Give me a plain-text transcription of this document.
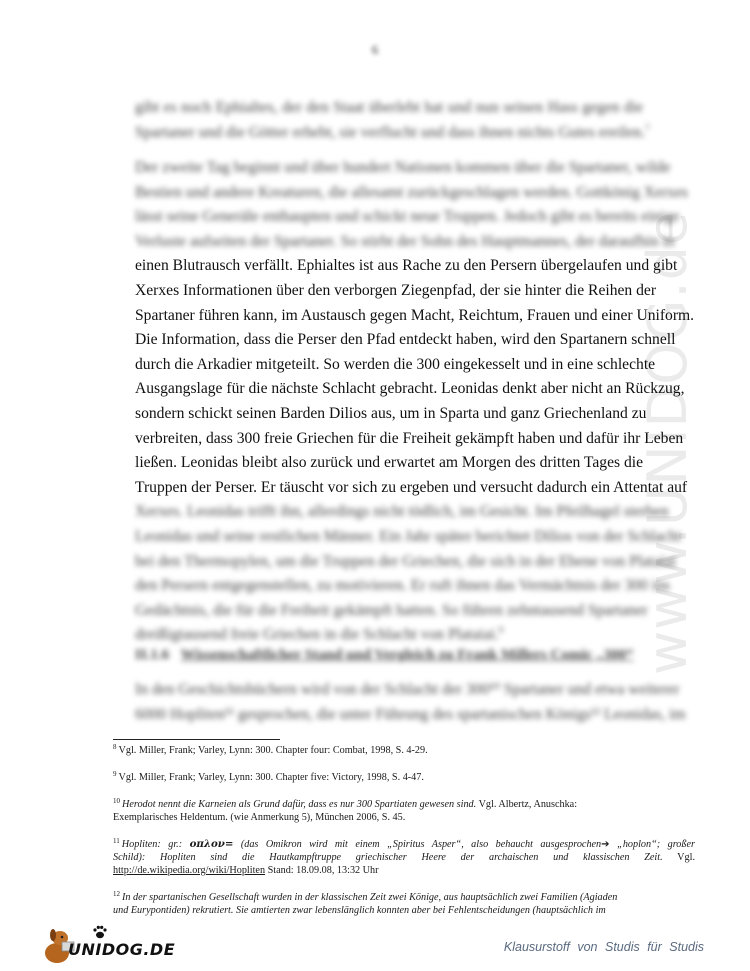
6
www.UNIDOG.de
gibt es noch Ephialtes, der den Staat überlebt hat und nun seinen Hass gegen die
Spartaner und die Götter erhebt, sie verflucht und dass ihnen nichts Gutes ereilen.$^7$
Der zweite Tag beginnt und über hundert Nationen kommen über die Spartaner, wilde
Bestien und andere Kreaturen, die allesamt zurückgeschlagen werden. Gottkönig Xerxes
lässt seine Generäle enthaupten und schickt neue Truppen. Jedoch gibt es bereits einige
Verluste aufseiten der Spartaner. So stirbt der Sohn des Hauptmannes, der daraufhin in
einen Blutrausch verfällt. Ephialtes ist aus Rache zu den Persern übergelaufen und gibt
Xerxes Informationen über den verborgen Ziegenpfad, der sie hinter die Reihen der
Spartaner führen kann, im Austausch gegen Macht, Reichtum, Frauen und einer Uniform.
Die Information, dass die Perser den Pfad entdeckt haben, wird den Spartanern schnell
durch die Arkadier mitgeteilt. So werden die 300 eingekesselt und in eine schlechte
Ausgangslage für die nächste Schlacht gebracht. Leonidas denkt aber nicht an Rückzug,
sondern schickt seinen Barden Dilios aus, um in Sparta und ganz Griechenland zu
verbreiten, dass 300 freie Griechen für die Freiheit gekämpft haben und dafür ihr Leben
ließen. Leonidas bleibt also zurück und erwartet am Morgen des dritten Tages die
Truppen der Perser. Er täuscht vor sich zu ergeben und versucht dadurch ein Attentat auf
Xerxes. Leonidas trifft ihn, allerdings nicht tödlich, im Gesicht. Im Pfeilhagel sterben
Leonidas und seine restlichen Männer. Ein Jahr später berichtet Dilios von der Schlacht
bei den Thermopylen, um die Truppen der Griechen, die sich in der Ebene von Plataiai
den Persern entgegenstellen, zu motivieren. Er ruft ihnen das Vermächtnis der 300 ins
Gedächtnis, die für die Freiheit gekämpft hatten. So führen zehntausend Spartaner
dreißigtausend freie Griechen in die Schlacht von Plataiai.$^9$
II.1.6 Wissenschaftlicher Stand und Vergleich zu Frank Millers Comic „300“
In den Geschichtsbüchern wird von der Schlacht der 300¹⁰ Spartaner und etwa weiterer
6000 Hopliten¹¹ gesprochen, die unter Führung des spartanischen Königs¹² Leonidas, im

$^8$ Vgl. Miller, Frank; Varley, Lynn: 300. Chapter four: Combat, 1998, S. 4-29.

$^9$ Vgl. Miller, Frank; Varley, Lynn: 300. Chapter five: Victory, 1998, S. 4-47.

$^{10}$ Herodot nennt die Karneien als Grund dafür, dass es nur 300 Spartiaten gewesen sind. Vgl. Albertz, Anuschka:
Exemplarisches Heldentum. (wie Anmerkung 5), München 2006, S. 45.

$^{11}$ Hopliten: gr.: οπλον= (das Omikron wird mit einem „Spiritus Asper“, also behaucht ausgesprochen➔ „hoplon“; großer
Schild): Hopliten sind die Hautkampftruppe griechischer Heere der archaischen und klassischen Zeit. Vgl.
http://de.wikipedia.org/wiki/Hopliten Stand: 18.09.08, 13:32 Uhr

$^{12}$ In der spartanischen Gesellschaft wurden in der klassischen Zeit zwei Könige, aus hauptsächlich zwei Familien (Agiaden
und Eurypontiden) rekrutiert. Sie amtierten zwar lebenslänglich konnten aber bei Fehlentscheidungen (hauptsächlich im

UNIDOG.DE	Klausurstoff von Studis für Studis
